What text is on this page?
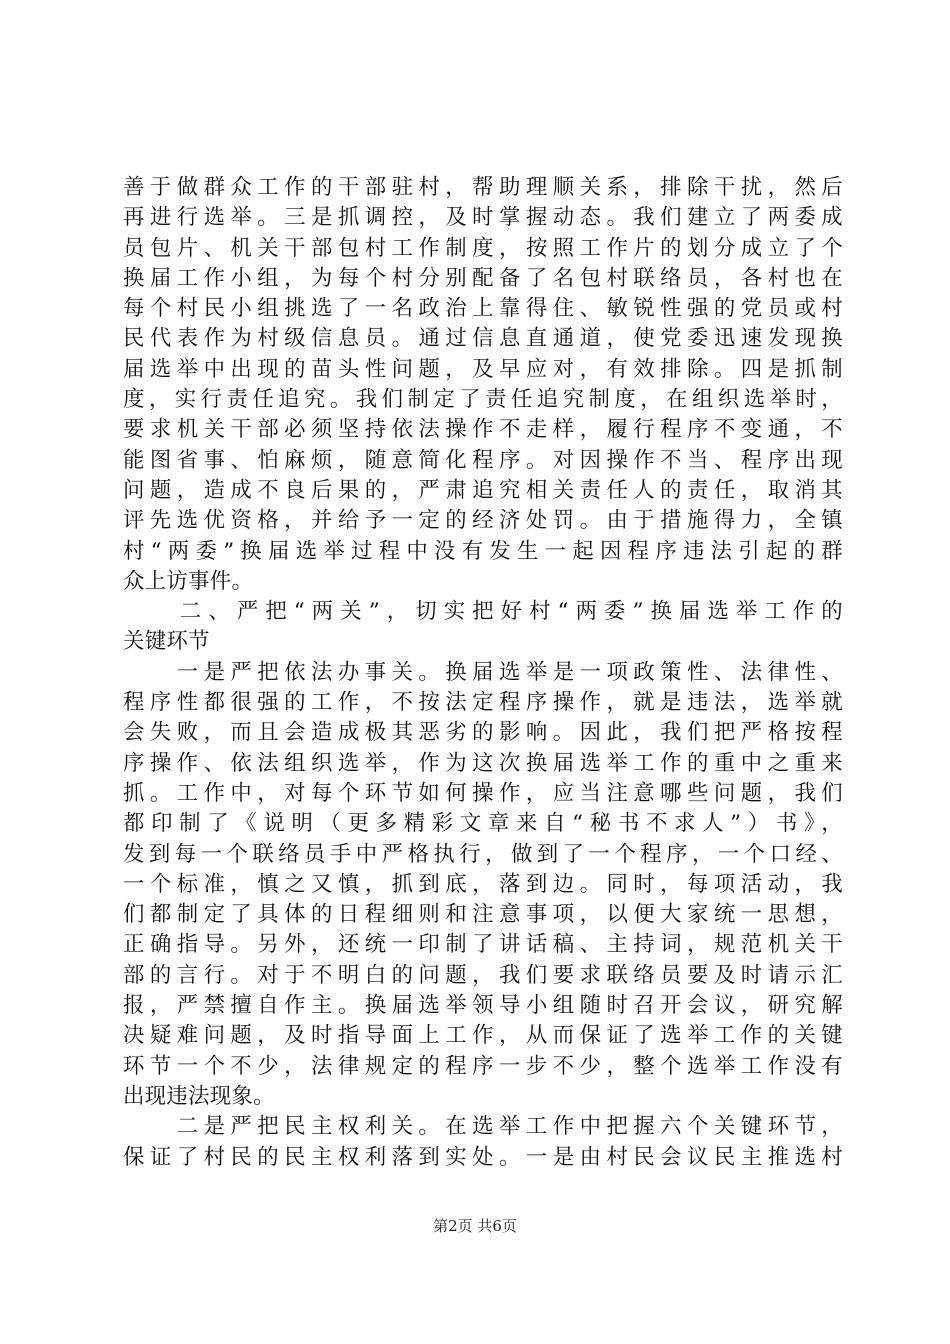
善于做群众工作的干部驻村，帮助理顺关系，排除干扰，然后
再进行选举。三是抓调控，及时掌握动态。我们建立了两委成
员包片、机关干部包村工作制度，按照工作片的划分成立了个
换届工作小组，为每个村分别配备了名包村联络员，各村也在
每个村民小组挑选了一名政治上靠得住、敏锐性强的党员或村
民代表作为村级信息员。通过信息直通道，使党委迅速发现换
届选举中出现的苗头性问题，及早应对，有效排除。四是抓制
度，实行责任追究。我们制定了责任追究制度，在组织选举时，
要求机关干部必须坚持依法操作不走样，履行程序不变通，不
能图省事、怕麻烦，随意简化程序。对因操作不当、程序出现
问题，造成不良后果的，严肃追究相关责任人的责任，取消其
评先选优资格，并给予一定的经济处罚。由于措施得力，全镇
村“两委”换届选举过程中没有发生一起因程序违法引起的群
众上访事件。
　　二、严把“两关”，切实把好村“两委”换届选举工作的
关键环节
　　一是严把依法办事关。换届选举是一项政策性、法律性、
程序性都很强的工作，不按法定程序操作，就是违法，选举就
会失败，而且会造成极其恶劣的影响。因此，我们把严格按程
序操作、依法组织选举，作为这次换届选举工作的重中之重来
抓。工作中，对每个环节如何操作，应当注意哪些问题，我们
都印制了《说明（更多精彩文章来自“秘书不求人”）书》，
发到每一个联络员手中严格执行，做到了一个程序，一个口经、
一个标准，慎之又慎，抓到底，落到边。同时，每项活动，我
们都制定了具体的日程细则和注意事项，以便大家统一思想，
正确指导。另外，还统一印制了讲话稿、主持词，规范机关干
部的言行。对于不明白的问题，我们要求联络员要及时请示汇
报，严禁擅自作主。换届选举领导小组随时召开会议，研究解
决疑难问题，及时指导面上工作，从而保证了选举工作的关键
环节一个不少，法律规定的程序一步不少，整个选举工作没有
出现违法现象。
　　二是严把民主权利关。在选举工作中把握六个关键环节，
保证了村民的民主权利落到实处。一是由村民会议民主推选村
第2页 共6页
